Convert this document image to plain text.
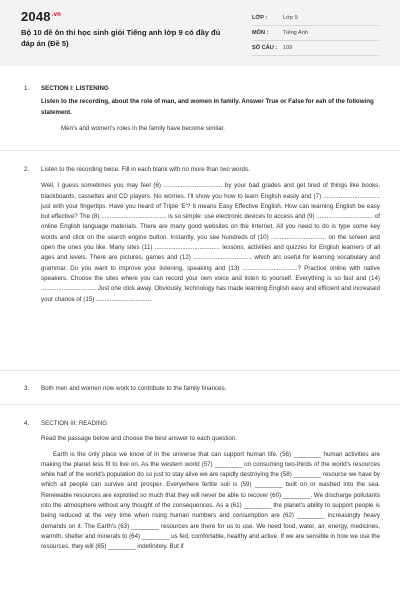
$2048^{.vn}$
Bộ 10 đề ôn thi học sinh giỏi Tiếng anh lớp 9 có đầy đủ đáp án (Đề 5)
LỚP :	Lớp 9
MÔN :	Tiếng Anh
SỐ CÂU :	109
1.	SECTION I: LISTENING
Listen to the recording, about the role of man, and women in family. Answer True or False for eah of the following statement.
Men's and women's roles in the family have become similar.
2.	Listen to the recording twice. Fill in each blank with no more than two words.
Well, I guess sometimes you may feel (6) .................................. by your bad grades and get tired of things like books, blackboards, cassettes and CD players. No worries. I'll show you how to learn English easily and (7) ................................. just with your fingertips. Have you heard of Triple 'E'? It means Easy Effective English. How can learning English be easy but effective? The (8) ...................................... is so simple: use electronic devices to access and (9) ................................. of online English language materials. There are many good websites on the Internet. All you need to do is type some key words and click on the search engine button. Instantly, you see hundreds of (10) ................................ on the screen and open the ones you like. Many sites (11) ...................................... lessons, activities and quizzes for English learners of all ages and levels. There are pictures, games and (12) ................................., which arc useful for learning vocabulary and grammar. Do you want to improve your listening, speaking and (13) ................................? Practice online with native speakers. Choose the sites where you can record your own voice and listen to yourself. Everything is so fast and (14) ................................ Just one click away. Obviously, technology has made learning English easy and efficient and increased your chance of (15) .................................
3.	Both men and women now work to contribute to the family finances.
4.	SECTION III: READING
Read the passage below and choose the best answer to each question.
Earth is the only place we know of in the universe that can support human life. (56) ________ human activities are making the planet less fit to live on. As the western world (57) ________ on consuming two-thirds of the world's resources while half of the world's population do so just to stay alive we are rapidly destroying the (58) ________ resource we have by which all people can survive and prosper. Everywhere fertile soil is (59) ________ built on or washed into the sea. Renewable resources are exploited so much that they will never be able to recover (60) ________. We discharge pollutants into the atmosphere without any thought of the consequences. As a (61) ________ the planet's ability to support people is being reduced at the very time when rising human numbers and consumption are (62) ________ increasingly heavy demands on it. The Earth's (63) ________ resources are there for us to use. We need food, water, air, energy, medicines, warmth, shelter and minerals to (64) ________ us fed, comfortable, healthy and active. If we are sensible in how we use the resources, they will (65) ________ indefinitely. But if
